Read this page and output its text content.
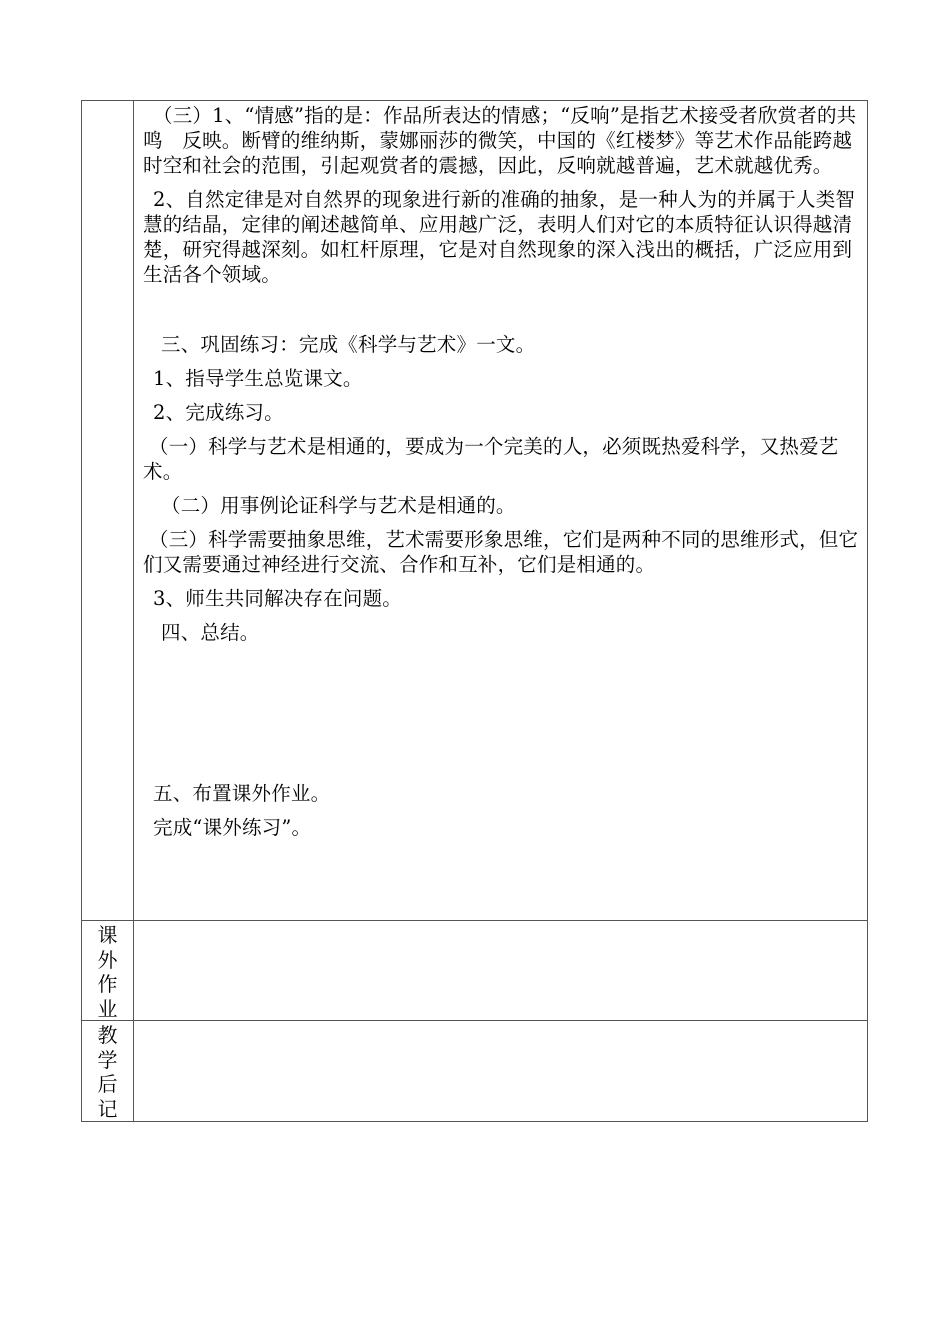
（三）1、“情感”指的是：作品所表达的情感；“反响”是指艺术接受者欣赏者的共鸣　反映。断臂的维纳斯，蒙娜丽莎的微笑，中国的《红楼梦》等艺术作品能跨越时空和社会的范围，引起观赏者的震撼，因此，反响就越普遍，艺术就越优秀。

2、自然定律是对自然界的现象进行新的准确的抽象，是一种人为的并属于人类智慧的结晶，定律的阐述越简单、应用越广泛，表明人们对它的本质特征认识得越清楚，研究得越深刻。如杠杆原理，它是对自然现象的深入浅出的概括，广泛应用到生活各个领域。

三、巩固练习：完成《科学与艺术》一文。

1、指导学生总览课文。

2、完成练习。

（一）科学与艺术是相通的，要成为一个完美的人，必须既热爱科学，又热爱艺术。

（二）用事例论证科学与艺术是相通的。

（三）科学需要抽象思维，艺术需要形象思维，它们是两种不同的思维形式，但它们又需要通过神经进行交流、合作和互补，它们是相通的。

3、师生共同解决存在问题。

四、总结。

五、布置课外作业。

完成“课外练习”。

课外作业
教学后记
